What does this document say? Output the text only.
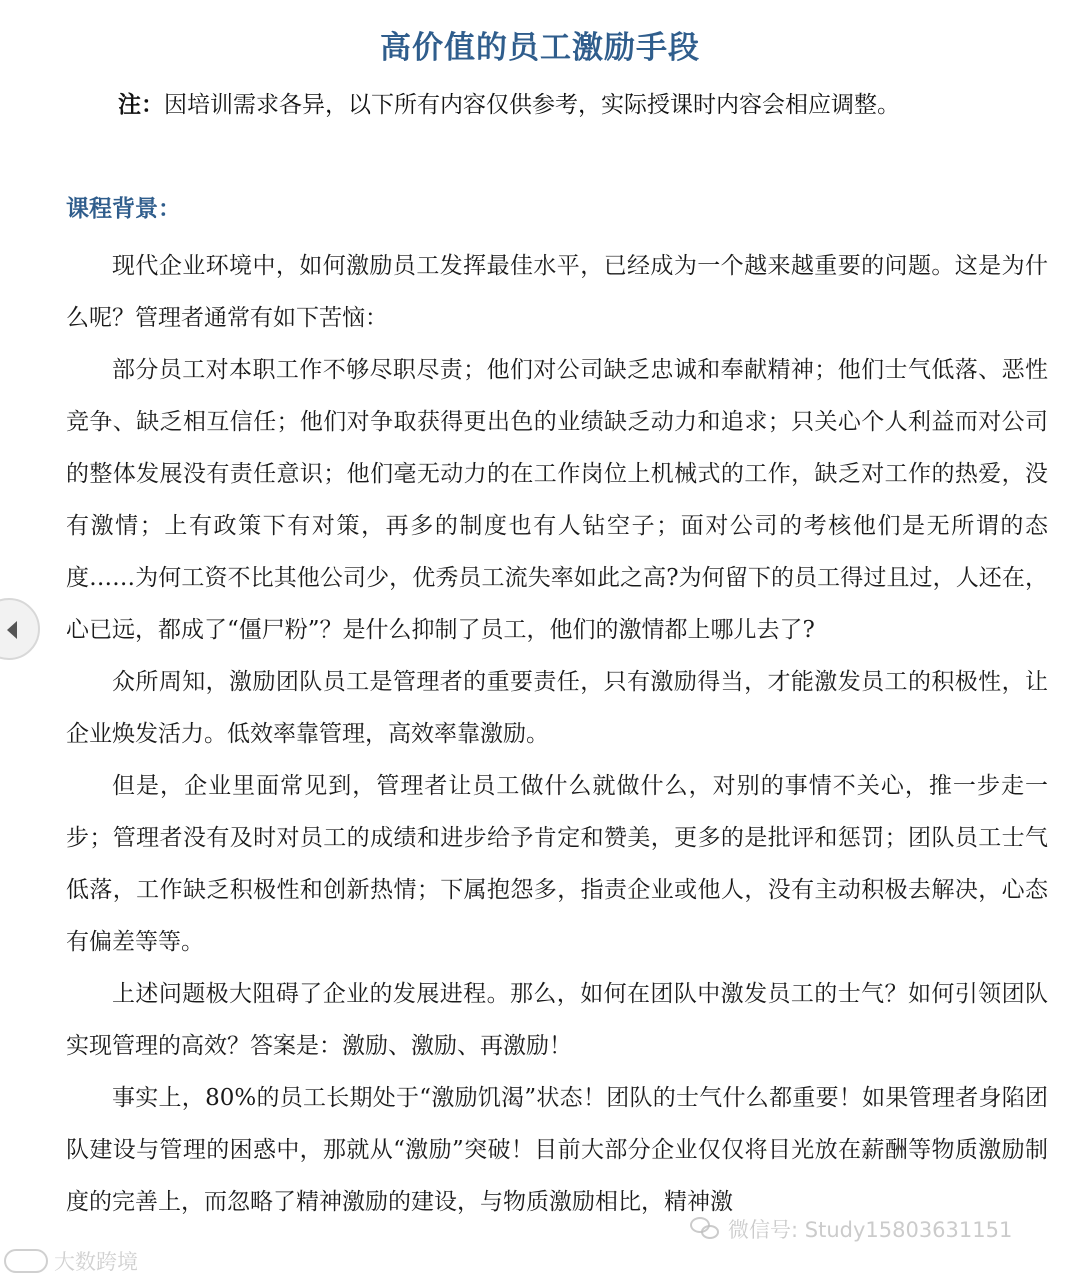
高价值的员工激励手段
注：因培训需求各异，以下所有内容仅供参考，实际授课时内容会相应调整。
课程背景：

现代企业环境中，如何激励员工发挥最佳水平，已经成为一个越来越重要的问题。这是为什么呢？管理者通常有如下苦恼：

部分员工对本职工作不够尽职尽责；他们对公司缺乏忠诚和奉献精神；他们士气低落、恶性竞争、缺乏相互信任；他们对争取获得更出色的业绩缺乏动力和追求；只关心个人利益而对公司的整体发展没有责任意识；他们毫无动力的在工作岗位上机械式的工作，缺乏对工作的热爱，没有激情；上有政策下有对策，再多的制度也有人钻空子；面对公司的考核他们是无所谓的态度……为何工资不比其他公司少，优秀员工流失率如此之高?为何留下的员工得过且过，人还在，心已远，都成了“僵尸粉”？是什么抑制了员工，他们的激情都上哪儿去了?

众所周知，激励团队员工是管理者的重要责任，只有激励得当，才能激发员工的积极性，让企业焕发活力。低效率靠管理，高效率靠激励。

但是，企业里面常见到，管理者让员工做什么就做什么，对别的事情不关心，推一步走一步；管理者没有及时对员工的成绩和进步给予肯定和赞美，更多的是批评和惩罚；团队员工士气低落，工作缺乏积极性和创新热情；下属抱怨多，指责企业或他人，没有主动积极去解决，心态有偏差等等。

上述问题极大阻碍了企业的发展进程。那么，如何在团队中激发员工的士气？如何引领团队实现管理的高效？答案是：激励、激励、再激励！

事实上，80%的员工长期处于“激励饥渴”状态！团队的士气什么都重要！如果管理者身陷团队建设与管理的困惑中，那就从“激励”突破！目前大部分企业仅仅将目光放在薪酬等物质激励制度的完善上，而忽略了精神激励的建设，与物质激励相比，精神激

大数跨境
微信号: Study15803631151
